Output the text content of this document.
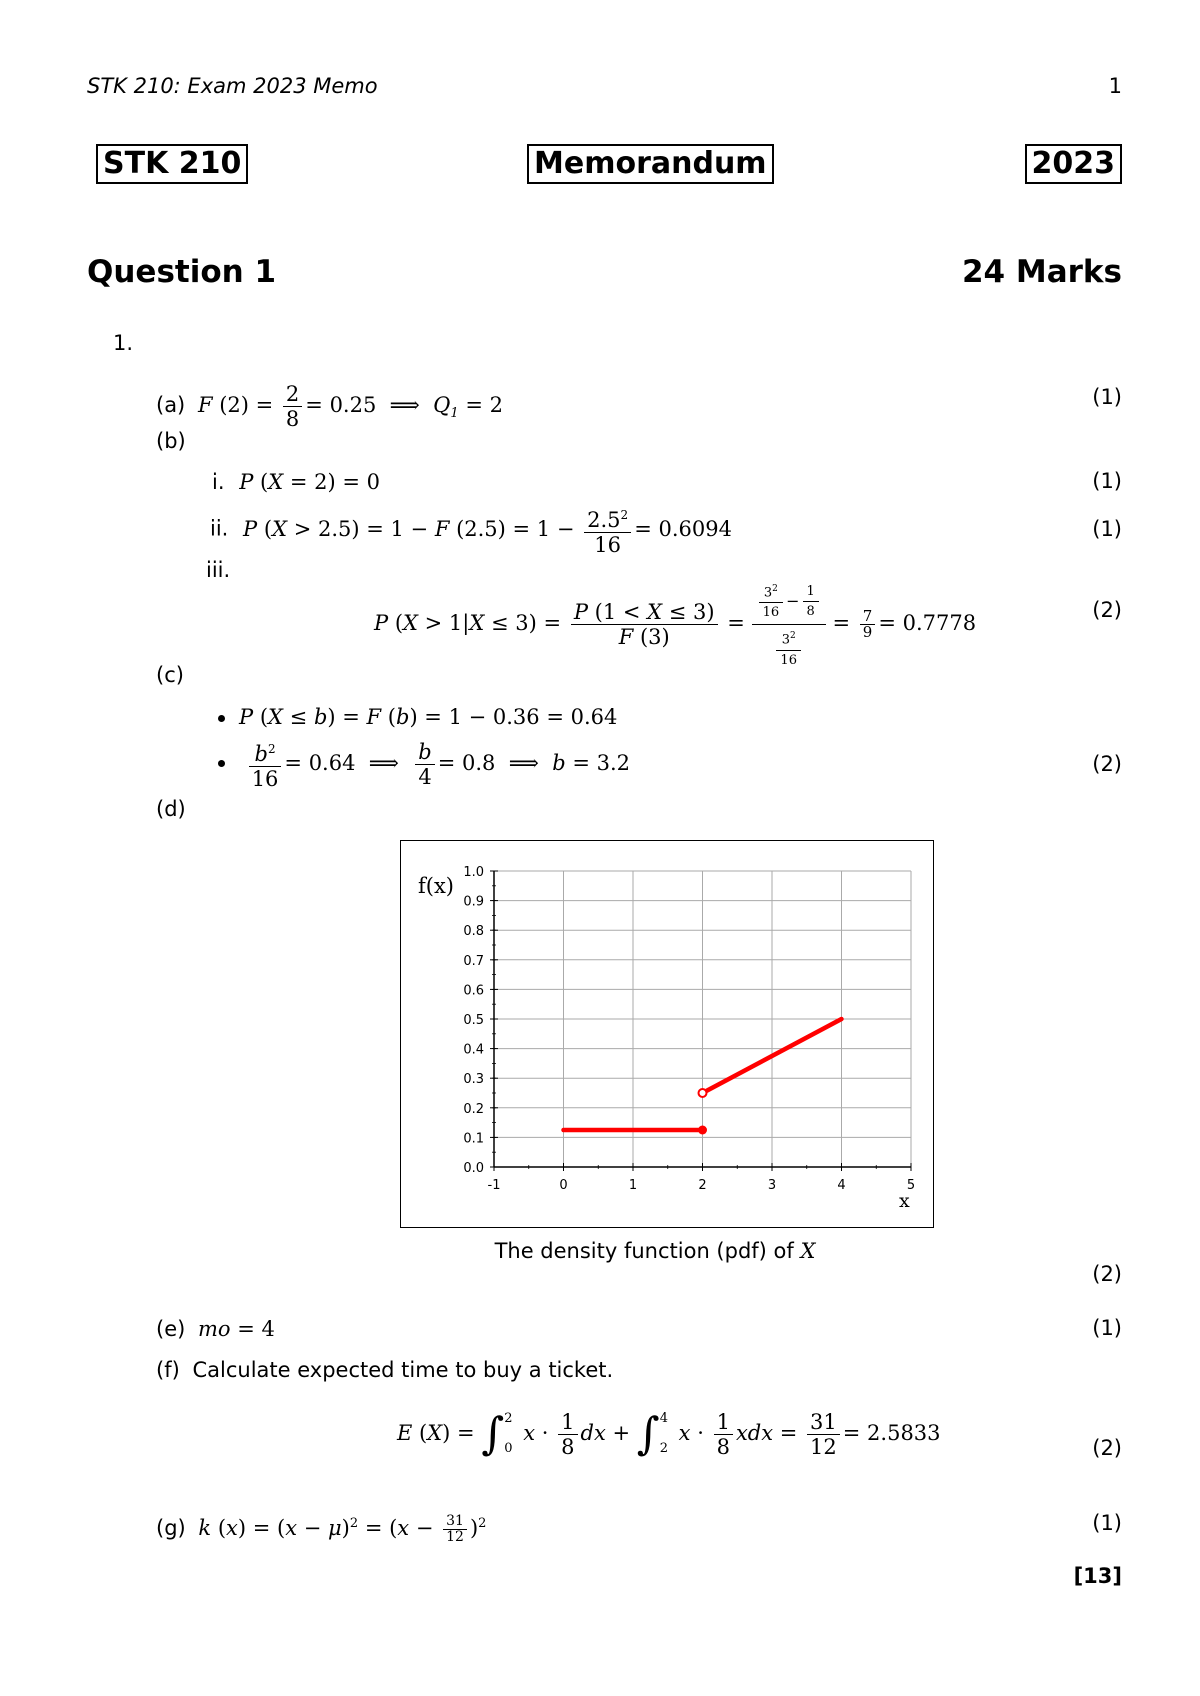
STK 210: Exam 2023 Memo	1
STK 210	Memorandum	2023
Question 1	24 Marks
1.
(a) F $(2) = \frac{2}{8} = 0.25$  ⟹  $Q_1 = 2$	(1)
(b)
i. P (X = 2) = 0	(1)
ii. P (X > 2.5) = 1 − F $(2.5) = 1 - \frac{2.5^2}{16} = 0.6094$	(1)
iii.
P $(X > 1|X \le 3) = \frac{P (1 < X \le 3)}{F (3)} = \frac{\frac{3^2}{16} - \frac{1}{8}}{\frac{3^2}{16}} = \frac{7}{9} = 0.7778$
(2)
(c)
P (X ≤ b) = F (b) = 1 − 0.36 = 0.64

$\frac{b^2}{16} = 0.64$  ⟹ $\frac{b}{4} = 0.8$  ⟹  b = 3.2	(2)
(d)
0.0
0.1
0.2
0.3
0.4
0.5
0.6
0.7
0.8
0.9
1.0
-1	0	1	2	3	4	5
f(x)
x
The density function (pdf) of X
(2)
(e) mo = 4	(1)
(f) Calculate expected time to buy a ticket.
E (X) = ∫ 2
0
$x \cdot \frac{1}{8}$ dx + ∫ 4
2
$x \cdot \frac{1}{8}$ xdx = $\frac{31}{12} = 2.5833$
(2)
(g) k $(x) = (x - \mu)^2 = (x - \frac{31}{12} )^2$	(1)
[13]
